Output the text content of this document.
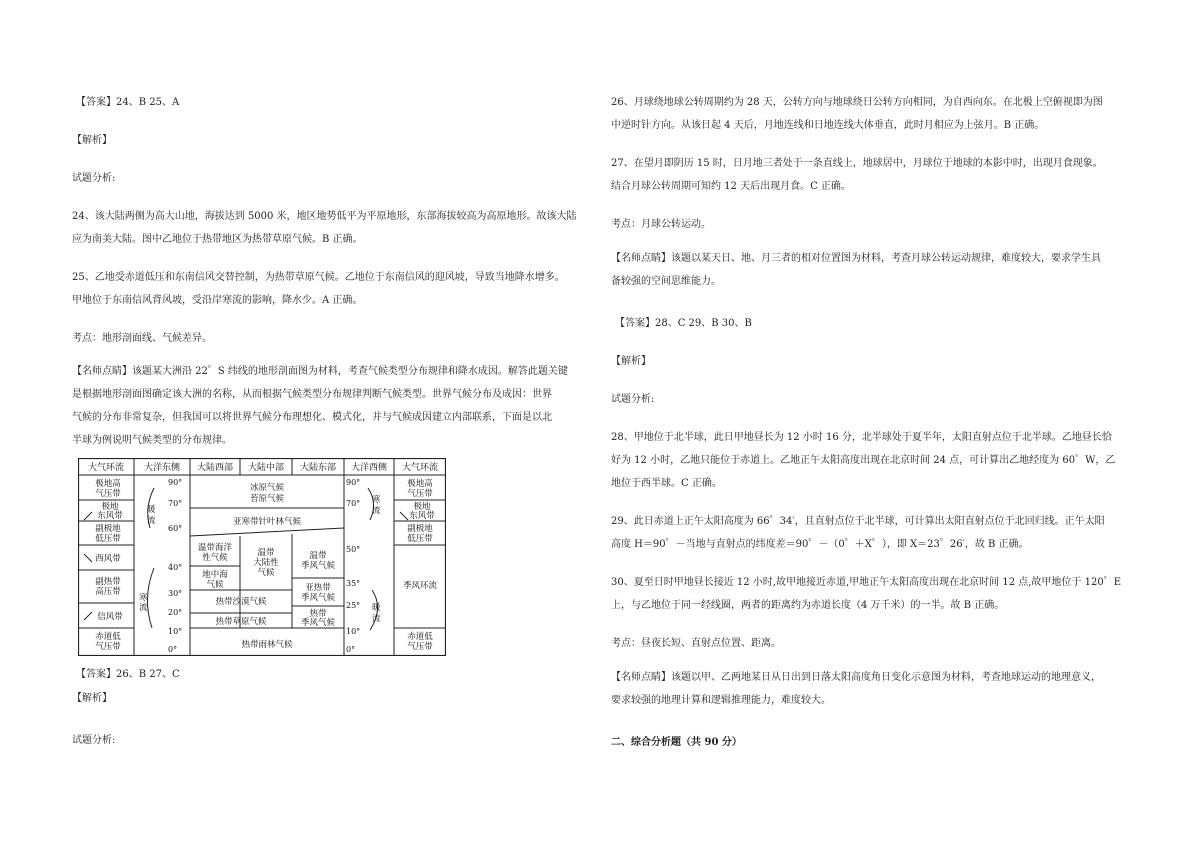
【答案】24、B 25、A
【解析】
试题分析:
24、该大陆两侧为高大山地，海拔达到 5000 米，地区地势低平为平原地形，东部海拔较高为高原地形。故该大陆
应为南美大陆。图中乙地位于热带地区为热带草原气候。B 正确。
25、乙地受赤道低压和东南信风交替控制，为热带草原气候。乙地位于东南信风的迎风坡，导致当地降水增多。
甲地位于东南信风背风坡，受沿岸寒流的影响，降水少。A 正确。
考点：地形剖面线、气候差异。
【名师点睛】该题某大洲沿 22゜S 纬线的地形剖面图为材料，考查气候类型分布规律和降水成因。解答此题关键
是根据地形剖面图确定该大洲的名称，从而根据气候类型分布规律判断气候类型。世界气候分布及成因：世界
气候的分布非常复杂，但我国可以将世界气候分布理想化、模式化，并与气候成因建立内部联系，下面是以北
半球为例说明气候类型的分布规律。
【答案】26、B 27、C
【解析】
试题分析:
大气环流 大洋东侧 大陆西部 大陆中部 大陆东部 大洋西侧 大气环流
极地高
气压带
极地
东风带
副极地
低压带
西风带
副热带
高压带
信风带
赤道低
气压带
极地高
气压带
极地
东风带
副极地
低压带
季风环流
赤道低
气压带
90°
70°
60°
40°
30°
20°
10°
0°
暖
流
寒
流
90°
70°
50°
35°
25°
10°
0°
寒
流
暖
流
冰原气候
苔原气候
亚寒带针叶林气候
温带海洋
性气候
地中海
气候
温带
大陆性
气候
温带
季风气候
亚热带
季风气候
热带沙漠气候
热带草原气候
热带
季风气候
热带雨林气候
26、月球绕地球公转周期约为 28 天，公转方向与地球绕日公转方向相同，为自西向东。在北极上空俯视即为图
中逆时针方向。从该日起 4 天后，月地连线和日地连线大体垂直，此时月相应为上弦月。B 正确。
27、在望月即阴历 15 时，日月地三者处于一条直线上，地球居中，月球位于地球的本影中时，出现月食现象。
结合月球公转周期可知约 12 天后出现月食。C 正确。
考点：月球公转运动。
【名师点睛】该题以某天日、地、月三者的相对位置图为材料，考查月球公转运动规律，难度较大，要求学生具
备较强的空间思维能力。
【答案】28、C 29、B 30、B
【解析】
试题分析:
28、甲地位于北半球，此日甲地昼长为 12 小时 16 分，北半球处于夏半年，太阳直射点位于北半球。乙地昼长恰
好为 12 小时，乙地只能位于赤道上。乙地正午太阳高度出现在北京时间 24 点，可计算出乙地经度为 60゜W，乙
地位于西半球。C 正确。
29、此日赤道上正午太阳高度为 66゜34′，且直射点位于北半球，可计算出太阳直射点位于北回归线。正午太阳
高度 H＝90゜－当地与直射点的纬度差＝90゜－（0゜＋X゜），即 X＝23゜26′，故 B 正确。
30、夏至日时甲地昼长接近 12 小时,故甲地接近赤道,甲地正午太阳高度出现在北京时间 12 点,故甲地位于 120゜E
上，与乙地位于同一经线圈，两者的距离约为赤道长度（4 万千米）的一半。故 B 正确。
考点：昼夜长短、直射点位置、距离。
【名师点睛】该题以甲、乙两地某日从日出到日落太阳高度角日变化示意图为材料，考查地球运动的地理意义，
要求较强的地理计算和逻辑推理能力，难度较大。
二、综合分析题（共 90 分）
